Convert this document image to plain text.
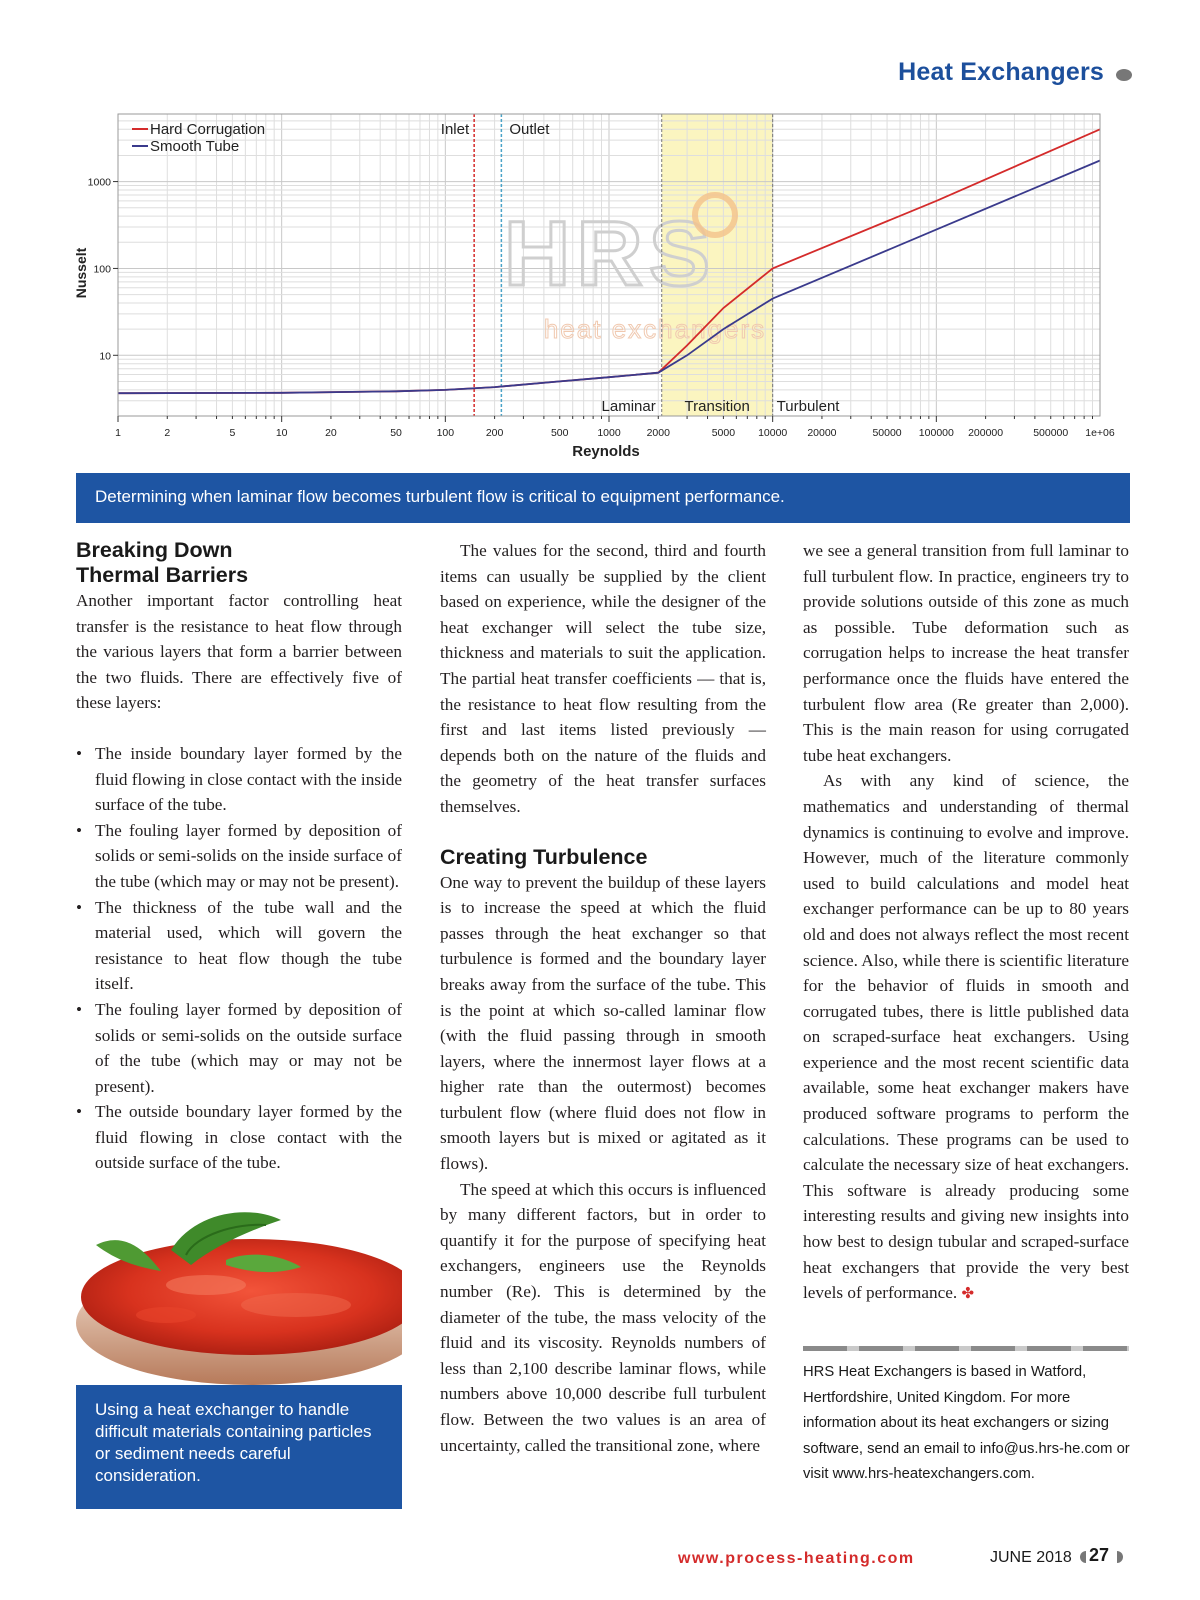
Heat Exchangers
HRS
heat exchangers
Inlet	Outlet
Laminar Transition Turbulent
1	2	5	10	20	50	100	200	500	1000 2000	5000 10000 20000	50000 100000 200000	500000 1e+06
10
100
1000
Reynolds
Nusselt
Hard Corrugation
Smooth Tube
Determining when laminar flow becomes turbulent flow is critical to equipment performance.
Breaking Down
Thermal Barriers

Another important factor controlling heat transfer is the resistance to heat flow through the various layers that form a barrier between the two fluids. There are effectively five of these layers:

• The inside boundary layer formed by the fluid flowing in close contact with the inside surface of the tube.
• The fouling layer formed by deposition of solids or semi-solids on the inside surface of the tube (which may or may not be present).
• The thickness of the tube wall and the material used, which will govern the resistance to heat flow though the tube itself.
• The fouling layer formed by deposition of solids or semi-solids on the outside surface of the tube (which may or may not be present).
• The outside boundary layer formed by the fluid flowing in close contact with the outside surface of the tube.
Using a heat exchanger to handle difficult materials containing particles or sediment needs careful consideration.

The values for the second, third and fourth items can usually be supplied by the client based on experience, while the designer of the heat exchanger will select the tube size, thickness and materials to suit the application. The partial heat transfer coefficients — that is, the resistance to heat flow resulting from the first and last items listed previously — depends both on the nature of the fluids and the geometry of the heat transfer surfaces themselves.

Creating Turbulence

One way to prevent the buildup of these layers is to increase the speed at which the fluid passes through the heat exchanger so that turbulence is formed and the boundary layer breaks away from the surface of the tube. This is the point at which so-called laminar flow (with the fluid passing through in smooth layers, where the innermost layer flows at a higher rate than the outermost) becomes turbulent flow (where fluid does not flow in smooth layers but is mixed or agitated as it flows).

The speed at which this occurs is influenced by many different factors, but in order to quantify it for the purpose of specifying heat exchangers, engineers use the Reynolds number (Re). This is determined by the diameter of the tube, the mass velocity of the fluid and its viscosity. Reynolds numbers of less than 2,100 describe laminar flows, while numbers above 10,000 describe full turbulent flow. Between the two values is an area of uncertainty, called the transitional zone, where

we see a general transition from full laminar to full turbulent flow. In practice, engineers try to provide solutions outside of this zone as much as possible. Tube deformation such as corrugation helps to increase the heat transfer performance once the fluids have entered the turbulent flow area (Re greater than 2,000). This is the main reason for using corrugated tube heat exchangers.

As with any kind of science, the mathematics and understanding of thermal dynamics is continuing to evolve and improve. However, much of the literature commonly used to build calculations and model heat exchanger performance can be up to 80 years old and does not always reflect the most recent science. Also, while there is scientific literature for the behavior of fluids in smooth and corrugated tubes, there is little published data on scraped-surface heat exchangers. Using experience and the most recent scientific data available, some heat exchanger makers have produced software programs to perform the calculations. These programs can be used to calculate the necessary size of heat exchangers. This software is already producing some interesting results and giving new insights into how best to design tubular and scraped-surface heat exchangers that provide the very best levels of performance. ✤

HRS Heat Exchangers is based in Watford, Hertfordshire, United Kingdom. For more information about its heat exchangers or sizing software, send an email to info@us.hrs-he.com or visit www.hrs-heatexchangers.com.
www.process-heating.com	JUNE 2018 27
